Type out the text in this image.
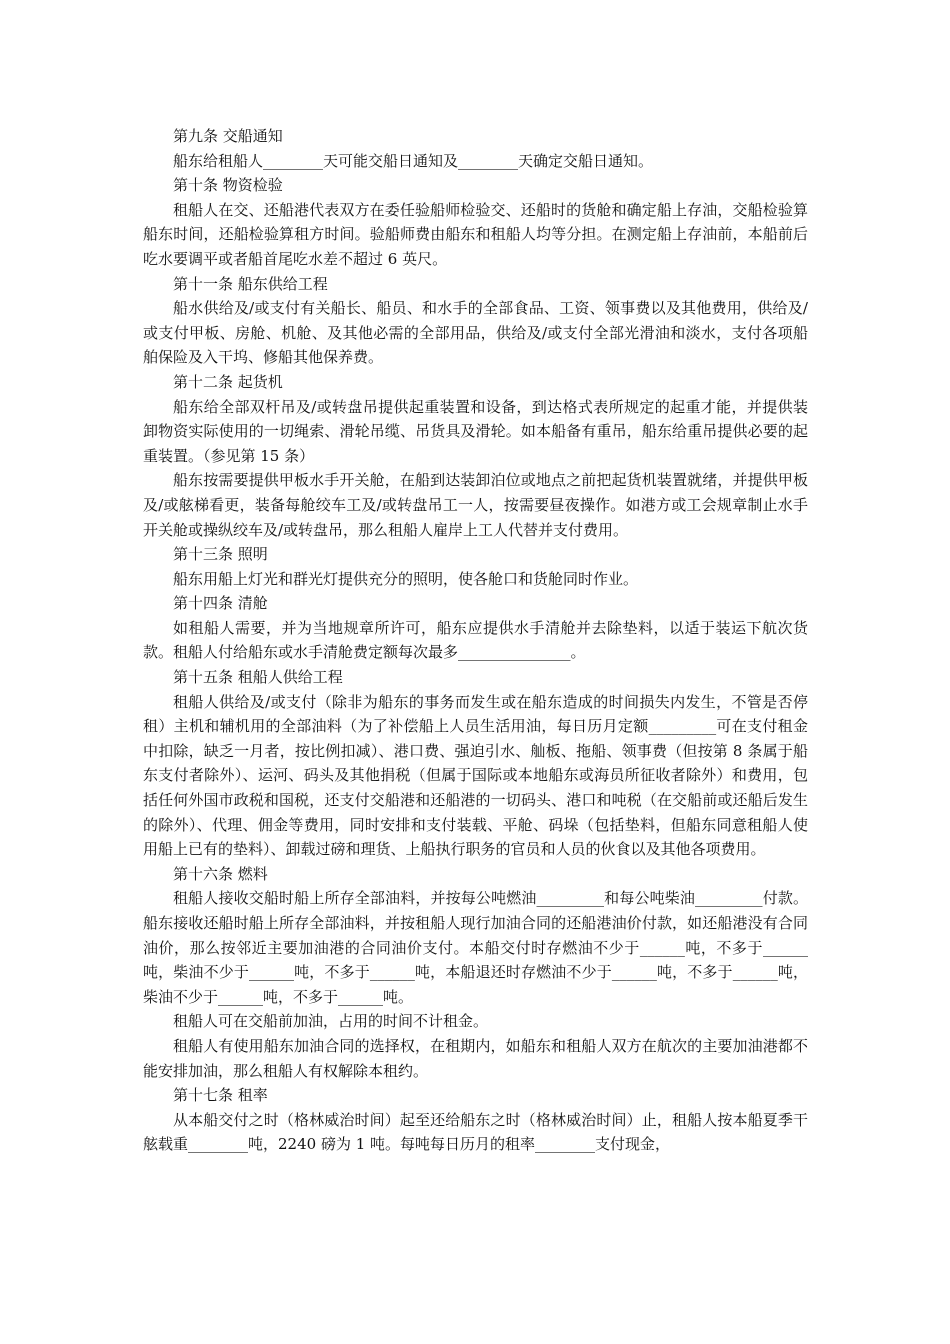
第九条 交船通知

船东给租船人________天可能交船日通知及________天确定交船日通知。

第十条 物资检验

租船人在交、还船港代表双方在委任验船师检验交、还船时的货舱和确定船上存油，交船检验算船东时间，还船检验算租方时间。验船师费由船东和租船人均等分担。在测定船上存油前，本船前后吃水要调平或者船首尾吃水差不超过 6 英尺。

第十一条 船东供给工程

船水供给及/或支付有关船长、船员、和水手的全部食品、工资、领事费以及其他费用，供给及/或支付甲板、房舱、机舱、及其他必需的全部用品，供给及/或支付全部光滑油和淡水，支付各项船舶保险及入干坞、修船其他保养费。

第十二条 起货机

船东给全部双杆吊及/或转盘吊提供起重装置和设备，到达格式表所规定的起重才能，并提供装卸物资实际使用的一切绳索、滑轮吊缆、吊货具及滑轮。如本船备有重吊，船东给重吊提供必要的起重装置。（参见第 15 条）

船东按需要提供甲板水手开关舱，在船到达装卸泊位或地点之前把起货机装置就绪，并提供甲板及/或舷梯看更，装备每舱绞车工及/或转盘吊工一人，按需要昼夜操作。如港方或工会规章制止水手开关舱或操纵绞车及/或转盘吊，那么租船人雇岸上工人代替并支付费用。

第十三条 照明

船东用船上灯光和群光灯提供充分的照明，使各舱口和货舱同时作业。

第十四条 清舱

如租船人需要，并为当地规章所许可，船东应提供水手清舱并去除垫料，以适于装运下航次货款。租船人付给船东或水手清舱费定额每次最多_______________。

第十五条 租船人供给工程

租船人供给及/或支付（除非为船东的事务而发生或在船东造成的时间损失内发生，不管是否停租）主机和辅机用的全部油料（为了补偿船上人员生活用油，每日历月定额_________可在支付租金中扣除，缺乏一月者，按比例扣减）、港口费、强迫引水、舢板、拖船、领事费（但按第 8 条属于船东支付者除外）、运河、码头及其他捐税（但属于国际或本地船东或海员所征收者除外）和费用，包括任何外国市政税和国税，还支付交船港和还船港的一切码头、港口和吨税（在交船前或还船后发生的除外）、代理、佣金等费用，同时安排和支付装载、平舱、码垛（包括垫料，但船东同意租船人使用船上已有的垫料）、卸载过磅和理货、上船执行职务的官员和人员的伙食以及其他各项费用。

第十六条 燃料

租船人接收交船时船上所存全部油料，并按每公吨燃油_________和每公吨柴油_________付款。船东接收还船时船上所存全部油料，并按租船人现行加油合同的还船港油价付款，如还船港没有合同油价，那么按邻近主要加油港的合同油价支付。本船交付时存燃油不少于______吨，不多于______吨，柴油不少于______吨，不多于______吨，本船退还时存燃油不少于______吨，不多于______吨，柴油不少于______吨，不多于______吨。

租船人可在交船前加油，占用的时间不计租金。

租船人有使用船东加油合同的选择权，在租期内，如船东和租船人双方在航次的主要加油港都不能安排加油，那么租船人有权解除本租约。

第十七条 租率

从本船交付之时（格林威治时间）起至还给船东之时（格林威治时间）止，租船人按本船夏季干舷载重________吨，2240 磅为 1 吨。每吨每日历月的租率________支付现金，
